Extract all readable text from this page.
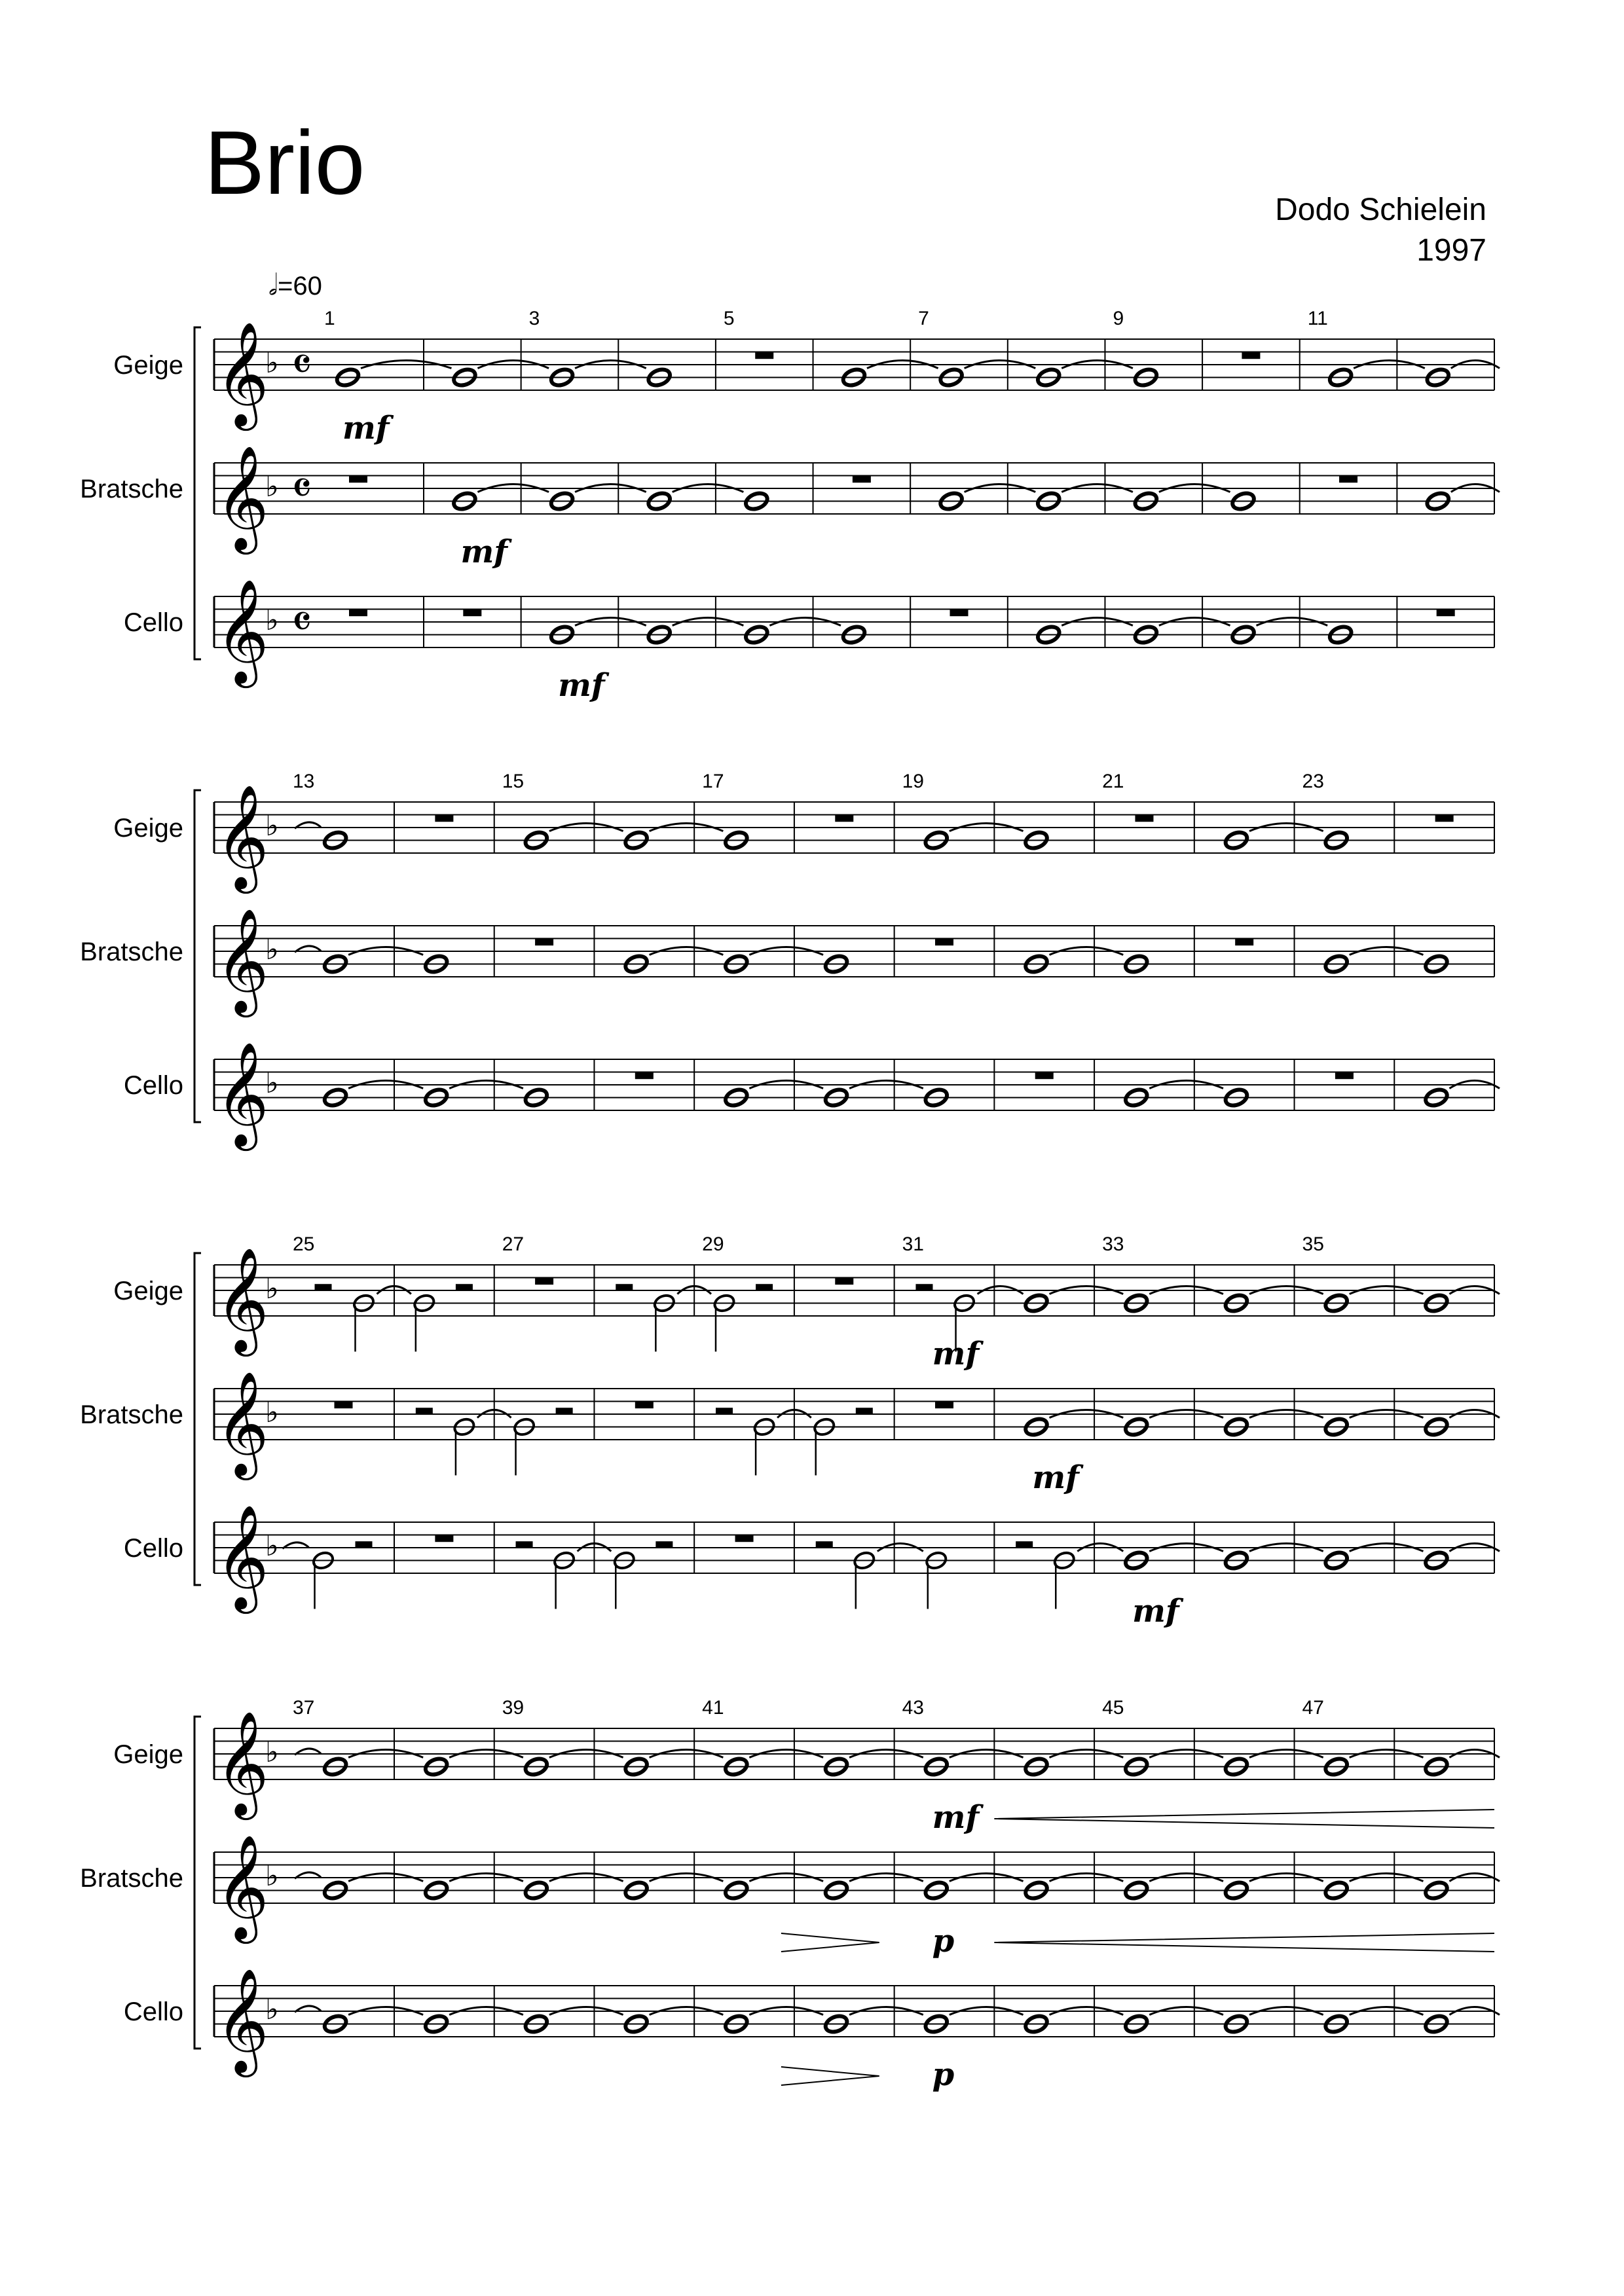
Brio	Dodo Schielein
1997
𝅗𝅥=60
1	3	5	7	9	11
Geige 𝄞
♭ 𝄴
mf
Bratsche 𝄞
♭ 𝄴
mf
Cello 𝄞
♭ 𝄴
mf
13	15	17	19	21	23
Geige 𝄞
♭
Bratsche 𝄞
♭
Cello 𝄞
♭
25	27	29	31	33	35
Geige 𝄞
♭
mf
Bratsche 𝄞
♭
mf
Cello 𝄞
♭
mf
37	39	41	43	45	47
Geige 𝄞
♭
mf
Bratsche 𝄞
♭
p
Cello 𝄞
♭
p
